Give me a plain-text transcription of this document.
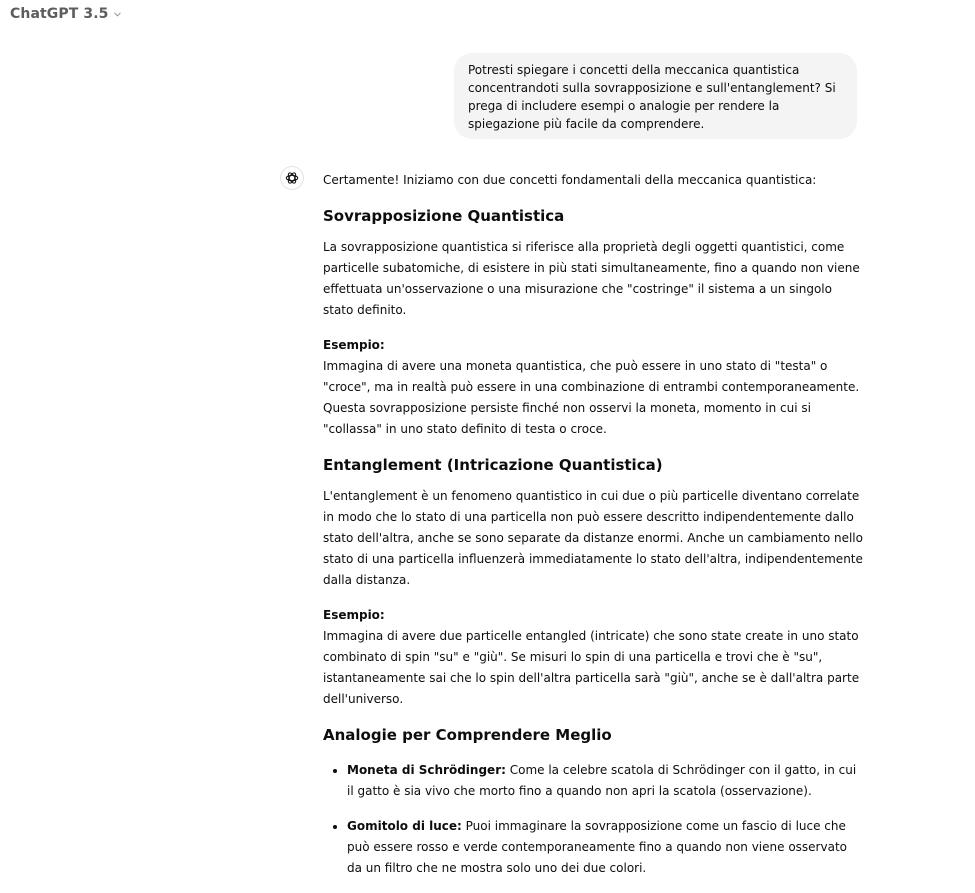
ChatGPT 3.5
Potresti spiegare i concetti della meccanica quantistica concentrandoti sulla sovrapposizione e sull'entanglement? Si prega di includere esempi o analogie per rendere la spiegazione più facile da comprendere.

Certamente! Iniziamo con due concetti fondamentali della meccanica quantistica:

Sovrapposizione Quantistica

La sovrapposizione quantistica si riferisce alla proprietà degli oggetti quantistici, come particelle subatomiche, di esistere in più stati simultaneamente, fino a quando non viene effettuata un'osservazione o una misurazione che "costringe" il sistema a un singolo stato definito.

Esempio:

Immagina di avere una moneta quantistica, che può essere in uno stato di "testa" o "croce", ma in realtà può essere in una combinazione di entrambi contemporaneamente. Questa sovrapposizione persiste finché non osservi la moneta, momento in cui si "collassa" in uno stato definito di testa o croce.

Entanglement (Intricazione Quantistica)

L'entanglement è un fenomeno quantistico in cui due o più particelle diventano correlate in modo che lo stato di una particella non può essere descritto indipendentemente dallo stato dell'altra, anche se sono separate da distanze enormi. Anche un cambiamento nello stato di una particella influenzerà immediatamente lo stato dell'altra, indipendentemente dalla distanza.

Esempio:

Immagina di avere due particelle entangled (intricate) che sono state create in uno stato combinato di spin "su" e "giù". Se misuri lo spin di una particella e trovi che è "su", istantaneamente sai che lo spin dell'altra particella sarà "giù", anche se è dall'altra parte dell'universo.

Analogie per Comprendere Meglio
• Moneta di Schrödinger: Come la celebre scatola di Schrödinger con il gatto, in cui il gatto è sia vivo che morto fino a quando non apri la scatola (osservazione).
• Gomitolo di luce: Puoi immaginare la sovrapposizione come un fascio di luce che può essere rosso e verde contemporaneamente fino a quando non viene osservato da un filtro che ne mostra solo uno dei due colori.
